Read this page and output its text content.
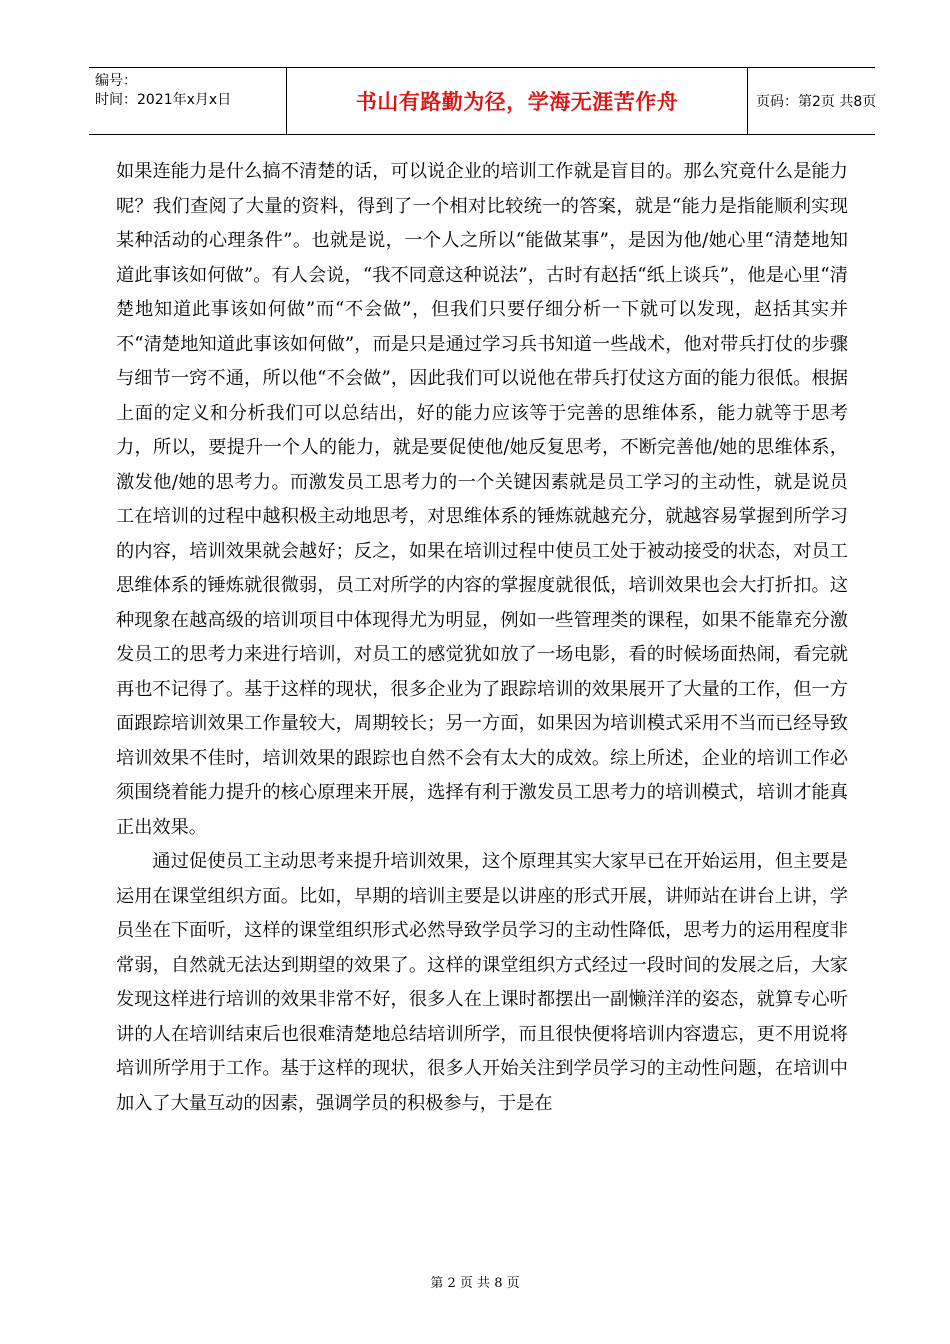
编号：
时间：2021年x月x日	书山有路勤为径，学海无涯苦作舟	页码：第2页 共8页

如果连能力是什么搞不清楚的话，可以说企业的培训工作就是盲目的。那么究竟什么是能力呢？我们查阅了大量的资料，得到了一个相对比较统一的答案，就是“能力是指能顺利实现某种活动的心理条件”。也就是说，一个人之所以“能做某事”，是因为他/她心里“清楚地知道此事该如何做”。有人会说，“我不同意这种说法”，古时有赵括“纸上谈兵”，他是心里“清楚地知道此事该如何做”而“不会做”，但我们只要仔细分析一下就可以发现，赵括其实并不“清楚地知道此事该如何做”，而是只是通过学习兵书知道一些战术，他对带兵打仗的步骤与细节一窍不通，所以他“不会做”，因此我们可以说他在带兵打仗这方面的能力很低。根据上面的定义和分析我们可以总结出，好的能力应该等于完善的思维体系，能力就等于思考力，所以，要提升一个人的能力，就是要促使他/她反复思考，不断完善他/她的思维体系，激发他/她的思考力。而激发员工思考力的一个关键因素就是员工学习的主动性，就是说员工在培训的过程中越积极主动地思考，对思维体系的锤炼就越充分，就越容易掌握到所学习的内容，培训效果就会越好；反之，如果在培训过程中使员工处于被动接受的状态，对员工思维体系的锤炼就很微弱，员工对所学的内容的掌握度就很低，培训效果也会大打折扣。这种现象在越高级的培训项目中体现得尤为明显，例如一些管理类的课程，如果不能靠充分激发员工的思考力来进行培训，对员工的感觉犹如放了一场电影，看的时候场面热闹，看完就再也不记得了。基于这样的现状，很多企业为了跟踪培训的效果展开了大量的工作，但一方面跟踪培训效果工作量较大，周期较长；另一方面，如果因为培训模式采用不当而已经导致培训效果不佳时，培训效果的跟踪也自然不会有太大的成效。综上所述，企业的培训工作必须围绕着能力提升的核心原理来开展，选择有利于激发员工思考力的培训模式，培训才能真正出效果。

通过促使员工主动思考来提升培训效果，这个原理其实大家早已在开始运用，但主要是运用在课堂组织方面。比如，早期的培训主要是以讲座的形式开展，讲师站在讲台上讲，学员坐在下面听，这样的课堂组织形式必然导致学员学习的主动性降低，思考力的运用程度非常弱，自然就无法达到期望的效果了。这样的课堂组织方式经过一段时间的发展之后，大家发现这样进行培训的效果非常不好，很多人在上课时都摆出一副懒洋洋的姿态，就算专心听讲的人在培训结束后也很难清楚地总结培训所学，而且很快便将培训内容遗忘，更不用说将培训所学用于工作。基于这样的现状，很多人开始关注到学员学习的主动性问题，在培训中加入了大量互动的因素，强调学员的积极参与，于是在

第 2 页 共 8 页
